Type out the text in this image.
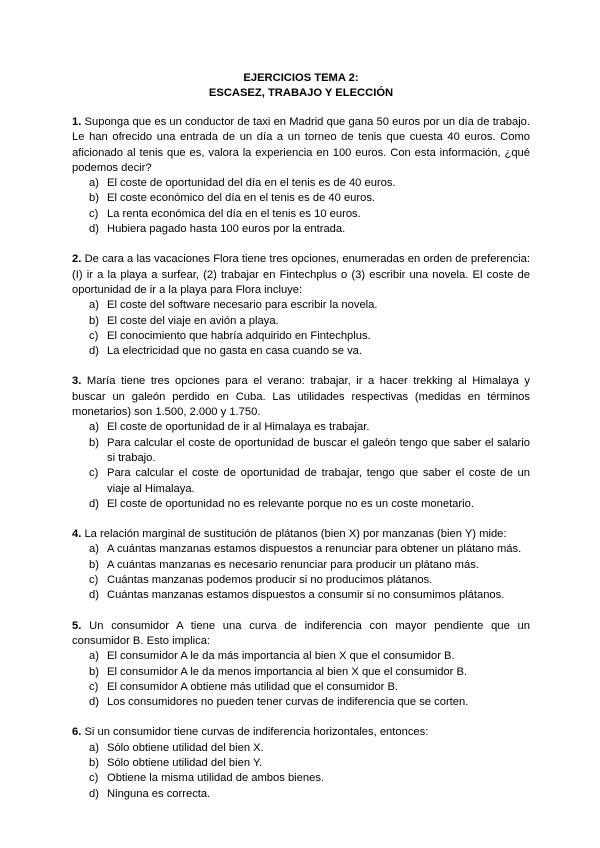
EJERCICIOS TEMA 2:
ESCASEZ, TRABAJO Y ELECCIÓN
1. Suponga que es un conductor de taxi en Madrid que gana 50 euros por un día de trabajo. Le han ofrecido una entrada de un día a un torneo de tenis que cuesta 40 euros. Como aficionado al tenis que es, valora la experiencia en 100 euros. Con esta información, ¿qué podemos decir?
a) El coste de oportunidad del día en el tenis es de 40 euros.
b) El coste económico del día en el tenis es de 40 euros.
c) La renta económica del día en el tenis es 10 euros.
d) Hubiera pagado hasta 100 euros por la entrada.
2. De cara a las vacaciones Flora tiene tres opciones, enumeradas en orden de preferencia: (I) ir a la playa a surfear, (2) trabajar en Fintechplus o (3) escribir una novela. El coste de oportunidad de ir a la playa para Flora incluye:
a) El coste del software necesario para escribir la novela.
b) El coste del viaje en avión a playa.
c) El conocimiento que habría adquirido en Fintechplus.
d) La electricidad que no gasta en casa cuando se va.
3. María tiene tres opciones para el verano: trabajar, ir a hacer trekking al Himalaya y buscar un galeón perdido en Cuba. Las utilidades respectivas (medidas en términos monetarios) son 1.500, 2.000 y 1.750.
a) El coste de oportunidad de ir al Himalaya es trabajar.
b) Para calcular el coste de oportunidad de buscar el galeón tengo que saber el salario si trabajo.
c) Para calcular el coste de oportunidad de trabajar, tengo que saber el coste de un viaje al Himalaya.
d) El coste de oportunidad no es relevante porque no es un coste monetario.
4. La relación marginal de sustitución de plátanos (bien X) por manzanas (bien Y) mide:
a) A cuántas manzanas estamos dispuestos a renunciar para obtener un plátano más.
b) A cuántas manzanas es necesario renunciar para producir un plátano más.
c) Cuántas manzanas podemos producir si no producimos plátanos.
d) Cuántas manzanas estamos dispuestos a consumir si no consumimos plátanos.
5. Un consumidor A tiene una curva de indiferencia con mayor pendiente que un consumidor B. Esto implica:
a) El consumidor A le da más importancia al bien X que el consumidor B.
b) El consumidor A le da menos importancia al bien X que el consumidor B.
c) El consumidor A obtiene más utilidad que el consumidor B.
d) Los consumidores no pueden tener curvas de indiferencia que se corten.
6. Si un consumidor tiene curvas de indiferencia horizontales, entonces:
a) Sólo obtiene utilidad del bien X.
b) Sólo obtiene utilidad del bien Y.
c) Obtiene la misma utilidad de ambos bienes.
d) Ninguna es correcta.
